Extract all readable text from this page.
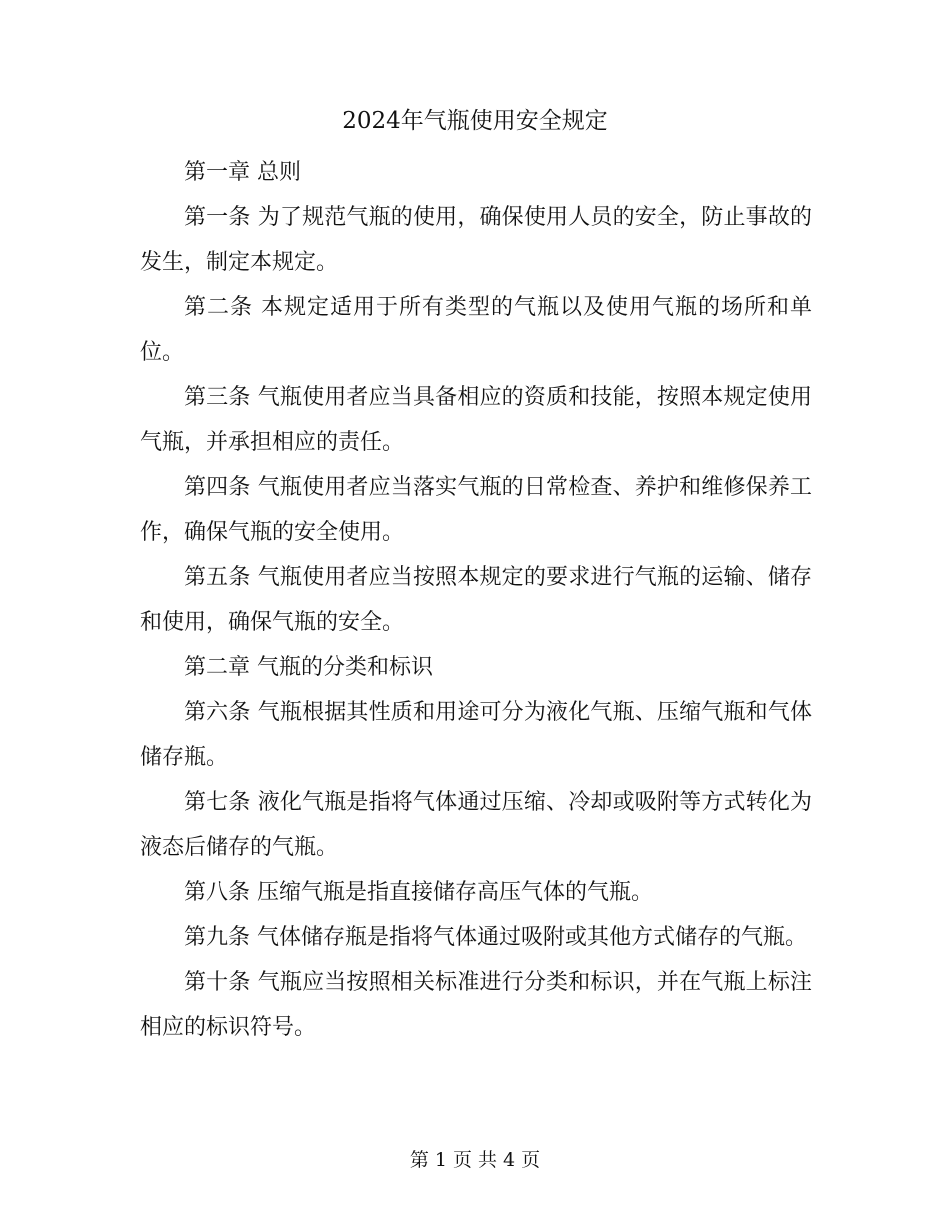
2024年气瓶使用安全规定

第一章 总则

第一条 为了规范气瓶的使用，确保使用人员的安全，防止事故的发生，制定本规定。

第二条 本规定适用于所有类型的气瓶以及使用气瓶的场所和单位。

第三条 气瓶使用者应当具备相应的资质和技能，按照本规定使用气瓶，并承担相应的责任。

第四条 气瓶使用者应当落实气瓶的日常检查、养护和维修保养工作，确保气瓶的安全使用。

第五条 气瓶使用者应当按照本规定的要求进行气瓶的运输、储存和使用，确保气瓶的安全。

第二章 气瓶的分类和标识

第六条 气瓶根据其性质和用途可分为液化气瓶、压缩气瓶和气体储存瓶。

第七条 液化气瓶是指将气体通过压缩、冷却或吸附等方式转化为液态后储存的气瓶。

第八条 压缩气瓶是指直接储存高压气体的气瓶。

第九条 气体储存瓶是指将气体通过吸附或其他方式储存的气瓶。

第十条 气瓶应当按照相关标准进行分类和标识，并在气瓶上标注相应的标识符号。

第 1 页 共 4 页
